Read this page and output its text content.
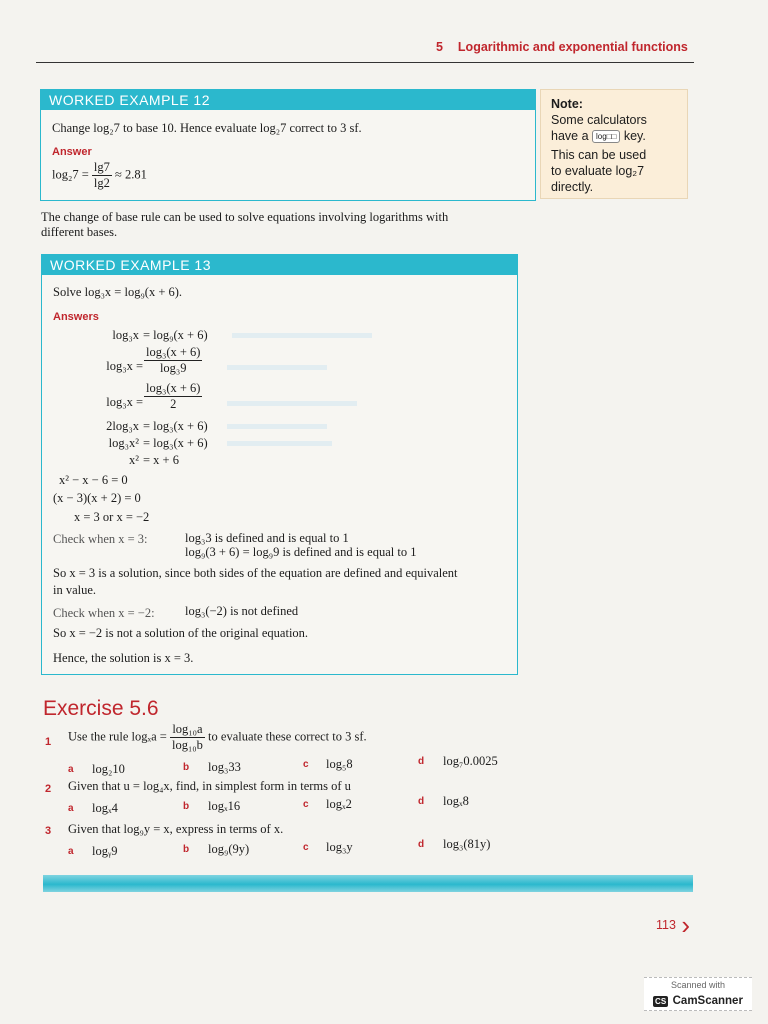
5 Logarithmic and exponential functions
WORKED EXAMPLE 12
Change log₂7 to base 10. Hence evaluate log₂7 correct to 3 sf.
Answer
$\log_27 = \frac{\lg 7}{\lg 2} \approx 2.81$
Note:
Some calculators
have a log□□ key.
This can be used
to evaluate log₂7
directly.
The change of base rule can be used to solve equations involving logarithms with
different bases.
WORKED EXAMPLE 13
Solve log₃x = log₉(x + 6).
Answers
log₃x = log₉(x + 6)
$\log_3x = \frac{\text{log₃(x + 6)}}{\text{log₃9}}$
$\log_3x = \frac{\text{log₃(x + 6)}}{2}$
2log₃x = log₃(x + 6)
log₃x² = log₃(x + 6)
x² = x + 6
x² − x − 6 = 0
(x − 3)(x + 2) = 0
x = 3 or x = −2
Check when x = 3:	log₃3 is defined and is equal to 1
log₉(3 + 6) = log₉9 is defined and is equal to 1
So x = 3 is a solution, since both sides of the equation are defined and equivalent
in value.
Check when x = −2: log₃(−2) is not defined
So x = −2 is not a solution of the original equation.
Hence, the solution is x = 3.
Exercise 5.6
1 Use the rule $\log_xa = \frac{\text{log₁₀a}}{\text{log₁₀b}}$ to evaluate these correct to 3 sf.
a log₂10	b log₃33	c log₅8	d log₇0.0025
2 Given that u = log₄x, find, in simplest form in terms of u
a logₓ4	b logₓ16	c logₓ2	d logₓ8
3 Given that log₉y = x, express in terms of x.
a logᵧ9	b log₉(9y)	c log₃y	d log₃(81y)
113 ›
Scanned with
CS CamScanner
